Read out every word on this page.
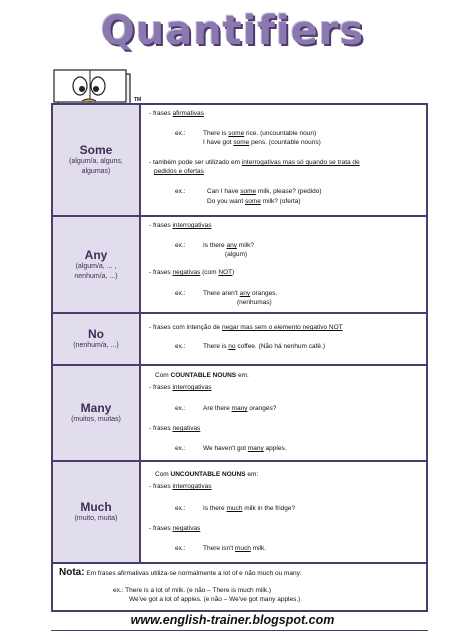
Quantifiers
TM
Some
(algum/a, alguns, algumas)
- frases afirmativas
ex.:	There is some rice. (uncountable noun)
I have got some pens. (countable nouns)
- também pode ser utilizado em interrogativas mas só quando se trata de
pedidos e ofertas
ex.:	Can I have some milk, please? (pedido)
Do you want some milk? (oferta)
Any
(algum/a, ... ,
nenhum/a, ...)
- frases interrogativas
ex.:	Is there any milk?
(algum)
- frases negativas (com NOT)
ex.:	There aren't any oranges.
(nenhumas)
No
(nenhum/a, ...)
- frases com intenção de negar mas sem o elemento negativo NOT
ex.:	There is no coffee. (Não há nenhum café.)
Many
(muitos, muitas)
Com COUNTABLE NOUNS em:
- frases interrogativas
ex.:	Are there many oranges?
- frases negativas
ex.:	We haven't got many apples.
Much
(muito, muita)
Com UNCOUNTABLE NOUNS em:
- frases interrogativas
ex.:	Is there much milk in the fridge?
- frases negativas
ex.:	There isn't much milk.
Nota: Em frases afirmativas utiliza-se normalmente a lot of e não much ou many:
ex.: There is a lot of milk. (e não – There is much milk.)
We've got a lot of apples. (e não – We've got many apples.)
www.english-trainer.blogspot.com
